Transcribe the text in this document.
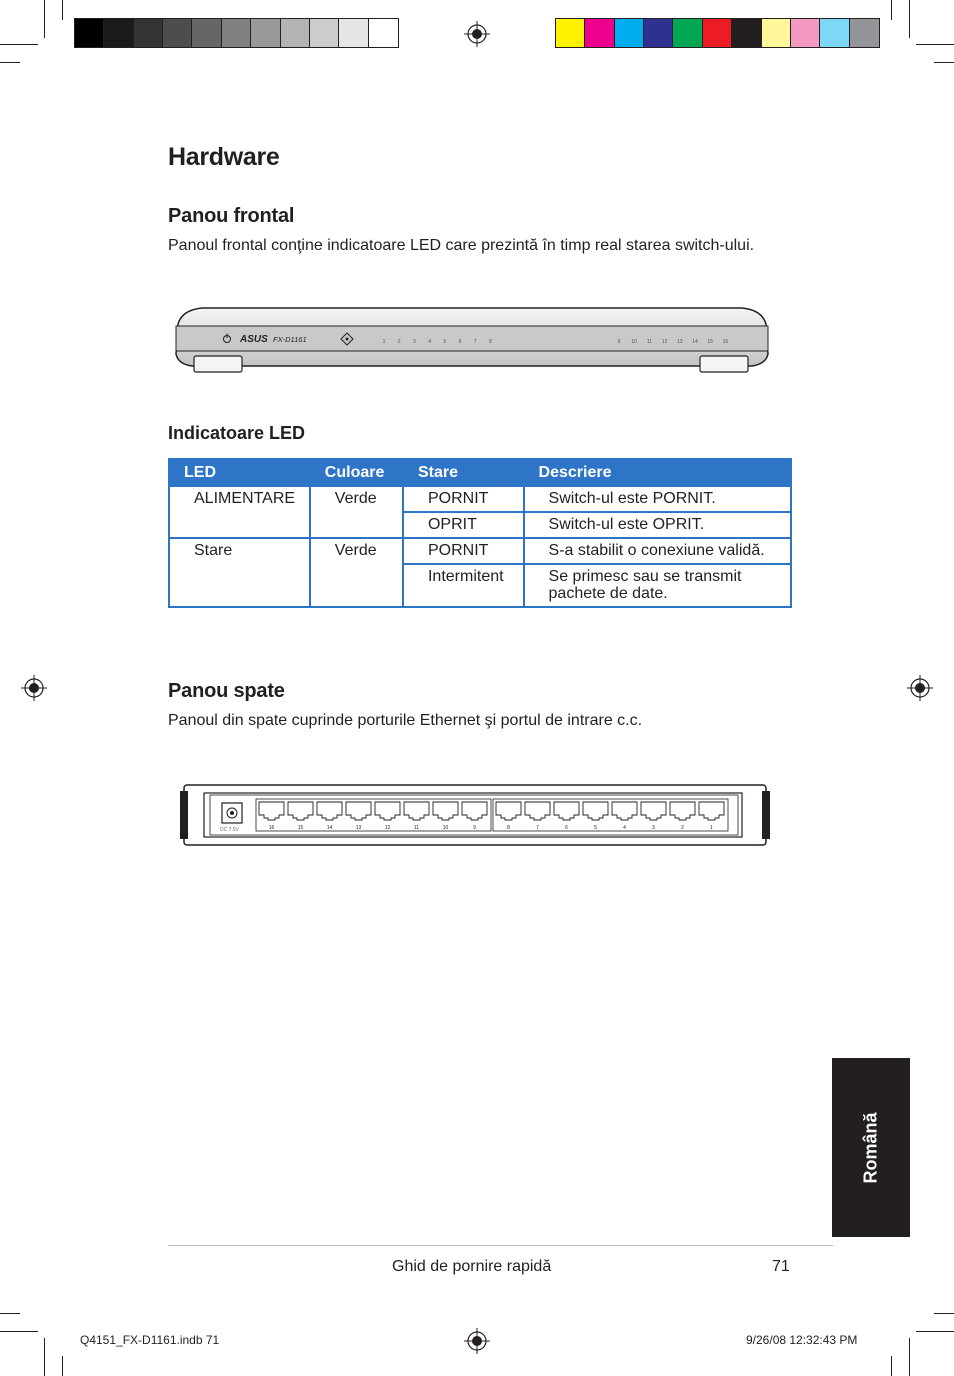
Hardware
Panou frontal

Panoul frontal conţine indicatoare LED care prezintă în timp real starea switch-ului.

ASUS FX-D1161	1 2 3 4 5 6 7 8	9 10 11 12 13 14 15 16
Indicatoare LED
LED	Culoare	Stare	Descriere
ALIMENTARE	Verde	PORNIT	Switch-ul este PORNIT.
		OPRIT	Switch-ul este OPRIT.
Stare	Verde	PORNIT	S-a stabilit o conexiune validă.
		Intermitent	Se primesc sau se transmit pachete de date.
Panou spate

Panoul din spate cuprinde porturile Ethernet şi portul de intrare c.c.

DC 7.5V	16	15	14	13	12	11	10	9	8	7	6	5	4	3	2	1
Română
Ghid de pornire rapidă	71
Q4151_FX-D1161.indb 71	9/26/08 12:32:43 PM
